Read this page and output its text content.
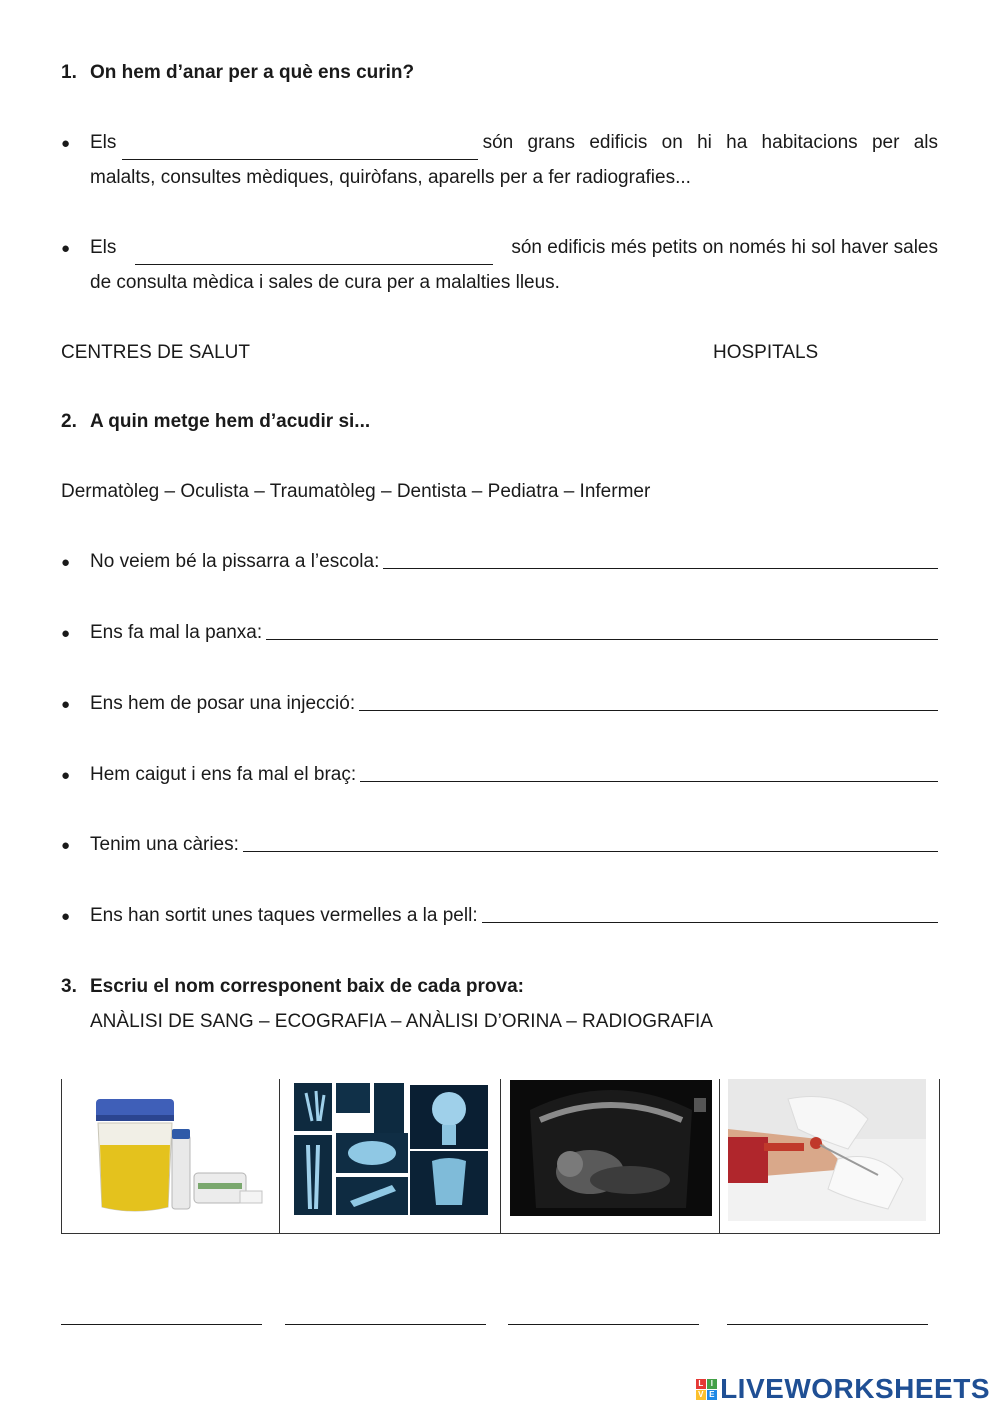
1. On hem d’anar per a què ens curin?
● Els	són grans edificis on hi ha habitacions per als
malalts, consultes mèdiques, quiròfans, aparells per a fer radiografies...
● Els	són edificis més petits on només hi sol haver sales
de consulta mèdica i sales de cura per a malalties lleus.
CENTRES DE SALUT	HOSPITALS
2. A quin metge hem d’acudir si...
Dermatòleg – Oculista – Traumatòleg – Dentista – Pediatra – Infermer
● No veiem bé la pissarra a l’escola:
● Ens fa mal la panxa:
● Ens hem de posar una injecció:
● Hem caigut i ens fa mal el braç:
● Tenim una càries:
● Ens han sortit unes taques vermelles a la pell:
3. Escriu el nom corresponent baix de cada prova:
ANÀLISI DE SANG – ECOGRAFIA – ANÀLISI D’ORINA – RADIOGRAFIA
L I
V E LIVEWORKSHEETS
